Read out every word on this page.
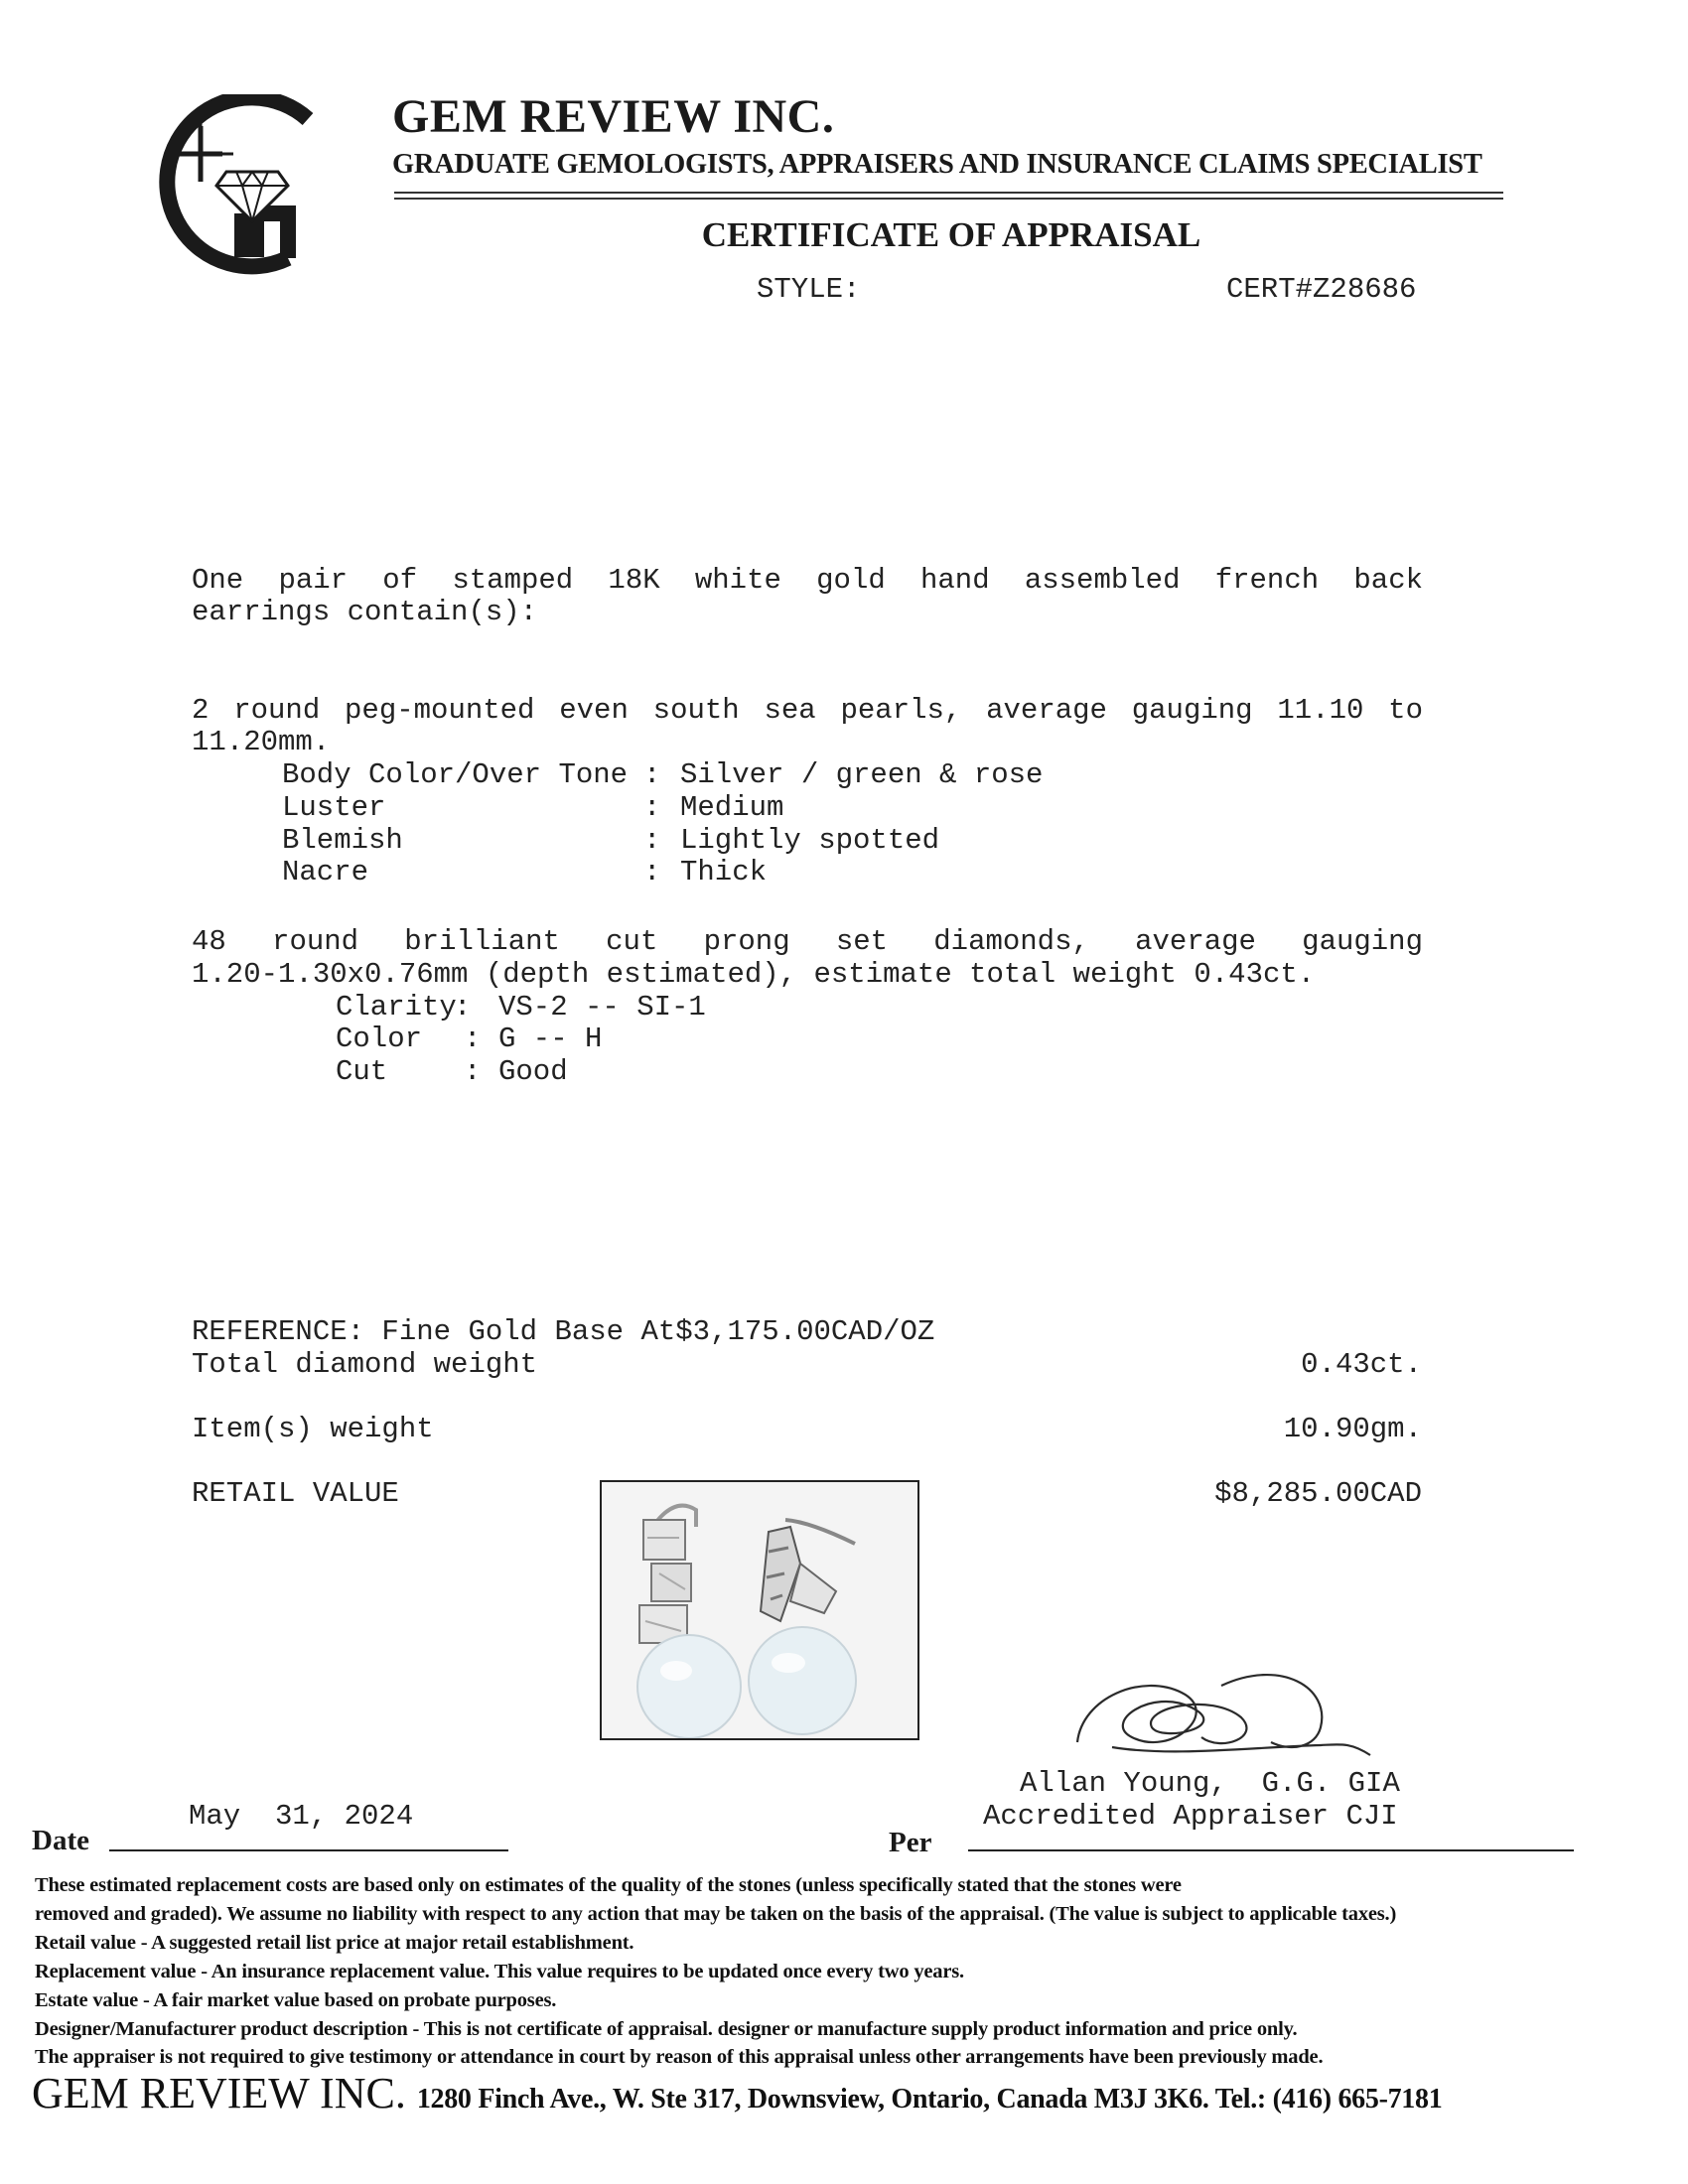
GEM REVIEW INC.
GRADUATE GEMOLOGISTS, APPRAISERS AND INSURANCE CLAIMS SPECIALIST
CERTIFICATE OF APPRAISAL
STYLE:	CERT#Z28686
One pair of stamped 18K white gold hand assembled french back
earrings contain(s):
2 round peg-mounted even south sea pearls, average gauging 11.10 to
11.20mm.
Body Color/Over Tone : Silver / green & rose
Luster	: Medium
Blemish	: Lightly spotted
Nacre	: Thick
48 round brilliant cut prong set diamonds, average gauging
1.20-1.30x0.76mm (depth estimated), estimate total weight 0.43ct.
Clarity
: VS-2 -- SI-1
Color : G -- H
Cut	: Good
REFERENCE: Fine Gold Base At$3,175.00CAD/OZ
Total diamond weight	0.43ct.
Item(s) weight	10.90gm.
RETAIL VALUE	$8,285.00CAD
Allan Young,  G.G. GIA
Accredited Appraiser CJI
May  31, 2024
Date	Per
These estimated replacement costs are based only on estimates of the quality of the stones (unless specifically stated that the stones were
removed and graded). We assume no liability with respect to any action that may be taken on the basis of the appraisal. (The value is subject to applicable taxes.)
Retail value - A suggested retail list price at major retail establishment.
Replacement value - An insurance replacement value. This value requires to be updated once every two years.
Estate value - A fair market value based on probate purposes.
Designer/Manufacturer product description - This is not certificate of appraisal. designer or manufacture supply product information and price only.
The appraiser is not required to give testimony or attendance in court by reason of this appraisal unless other arrangements have been previously made.
GEM REVIEW INC. 1280 Finch Ave., W. Ste 317, Downsview, Ontario, Canada M3J 3K6. Tel.: (416) 665-7181
